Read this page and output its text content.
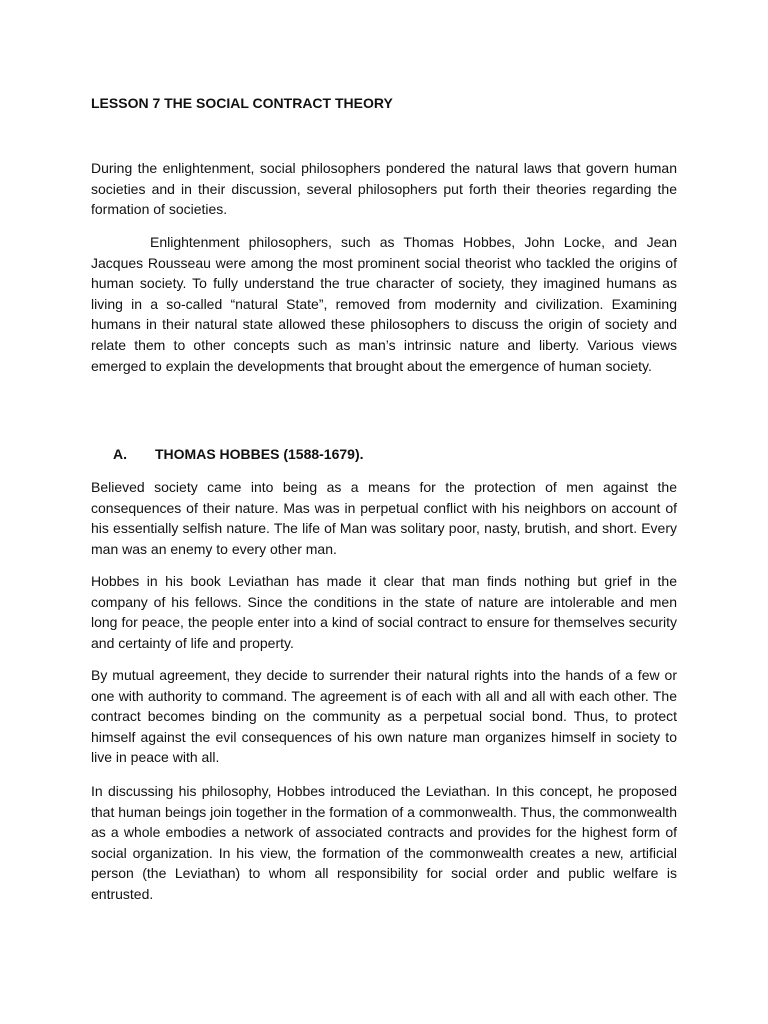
LESSON 7 THE SOCIAL CONTRACT THEORY

During the enlightenment, social philosophers pondered the natural laws that govern human societies and in their discussion, several philosophers put forth their theories regarding the formation of societies.

Enlightenment philosophers, such as Thomas Hobbes, John Locke, and Jean Jacques Rousseau were among the most prominent social theorist who tackled the origins of human society. To fully understand the true character of society, they imagined humans as living in a so-called “natural State”, removed from modernity and civilization. Examining humans in their natural state allowed these philosophers to discuss the origin of society and relate them to other concepts such as man’s intrinsic nature and liberty. Various views emerged to explain the developments that brought about the emergence of human society.

A. THOMAS HOBBES (1588-1679).

Believed society came into being as a means for the protection of men against the consequences of their nature. Mas was in perpetual conflict with his neighbors on account of his essentially selfish nature. The life of Man was solitary poor, nasty, brutish, and short. Every man was an enemy to every other man.

Hobbes in his book Leviathan has made it clear that man finds nothing but grief in the company of his fellows. Since the conditions in the state of nature are intolerable and men long for peace, the people enter into a kind of social contract to ensure for themselves security and certainty of life and property.

By mutual agreement, they decide to surrender their natural rights into the hands of a few or one with authority to command. The agreement is of each with all and all with each other. The contract becomes binding on the community as a perpetual social bond. Thus, to protect himself against the evil consequences of his own nature man organizes himself in society to live in peace with all.

In discussing his philosophy, Hobbes introduced the Leviathan. In this concept, he proposed that human beings join together in the formation of a commonwealth. Thus, the commonwealth as a whole embodies a network of associated contracts and provides for the highest form of social organization. In his view, the formation of the commonwealth creates a new, artificial person (the Leviathan) to whom all responsibility for social order and public welfare is entrusted.
